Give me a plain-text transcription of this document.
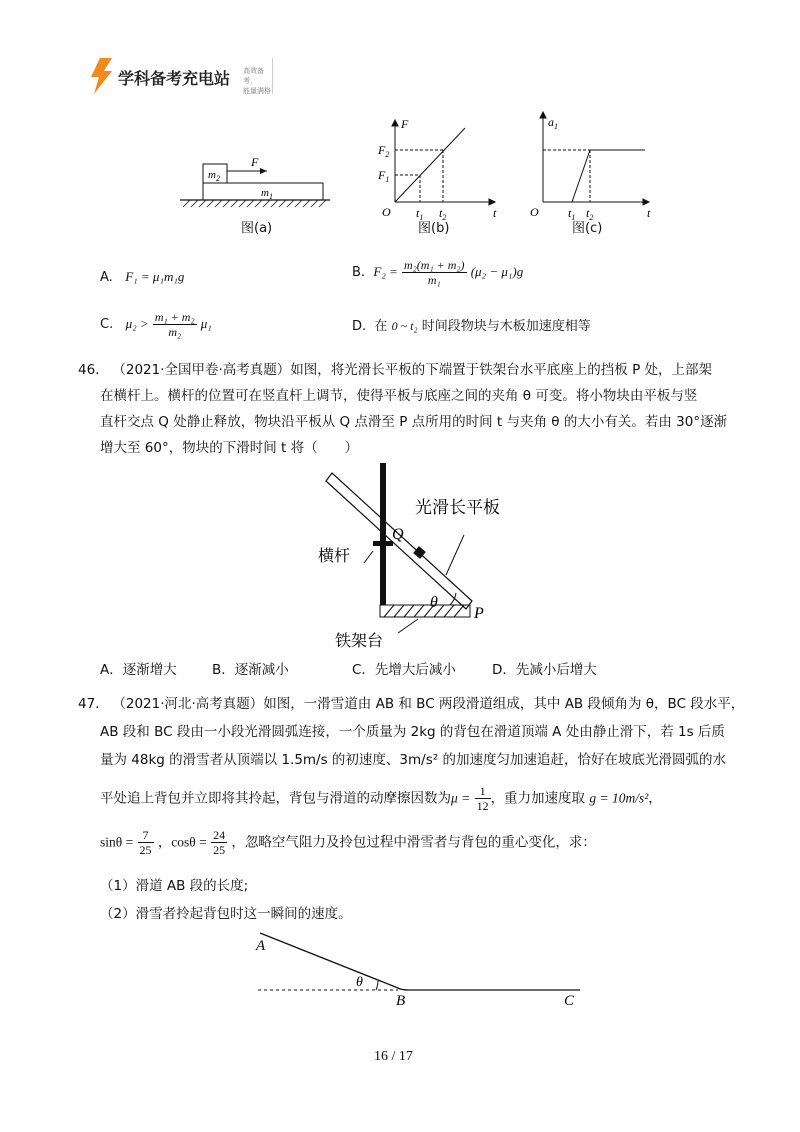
学科备考充电站 高效备考，
能量满格
$m_2$
$m_1$
F
F
t
O
$F_2$
$F_1$
$t_1$ $t_2$
$a_1$
t
O $t_1$ $t_2$
图(a)	图(b)	图(c)
A. F₁ = μ₁m₁g	B. $F_2 = \frac{\text{m₂(m₁ + m₂)}}{\text{m₁}} (\mu_2 - \mu_1)g$
C. $\mu_2 > \frac{\text{m₁ + m₂}}{\text{m₂}} \mu_1$	D. 在 0 ~ t₂ 时间段物块与木板加速度相等
46. （2021·全国甲卷·高考真题）如图，将光滑长平板的下端置于铁架台水平底座上的挡板 P 处，上部架
在横杆上。横杆的位置可在竖直杆上调节，使得平板与底座之间的夹角 θ 可变。将小物块由平板与竖
直杆交点 Q 处静止释放，物块沿平板从 Q 点滑至 P 点所用的时间 t 与夹角 θ 的大小有关。若由 30°逐渐
增大至 60°，物块的下滑时间 t 将（　　）
光滑长平板
横杆
铁架台
Q
P
θ
A．逐渐增大	B．逐渐减小	C．先增大后减小	D．先减小后增大
47. （2021·河北·高考真题）如图，一滑雪道由 AB 和 BC 两段滑道组成，其中 AB 段倾角为 θ，BC 段水平，
AB 段和 BC 段由一小段光滑圆弧连接，一个质量为 2kg 的背包在滑道顶端 A 处由静止滑下，若 1s 后质
量为 48kg 的滑雪者从顶端以 1.5m/s 的初速度、3m/s² 的加速度匀加速追赶，恰好在坡底光滑圆弧的水
平处追上背包并立即将其拎起，背包与滑道的动摩擦因数为$\mu = \frac{1}{12}$ ，重力加速度取 g = 10m/s²，
$\sin\theta = \frac{7}{25}$ ，$\cos\theta = \frac{24}{25}$ ，忽略空气阻力及拎包过程中滑雪者与背包的重心变化，求：
（1）滑道 AB 段的长度;
（2）滑雪者拎起背包时这一瞬间的速度。
A
B	C
θ
16 / 17
